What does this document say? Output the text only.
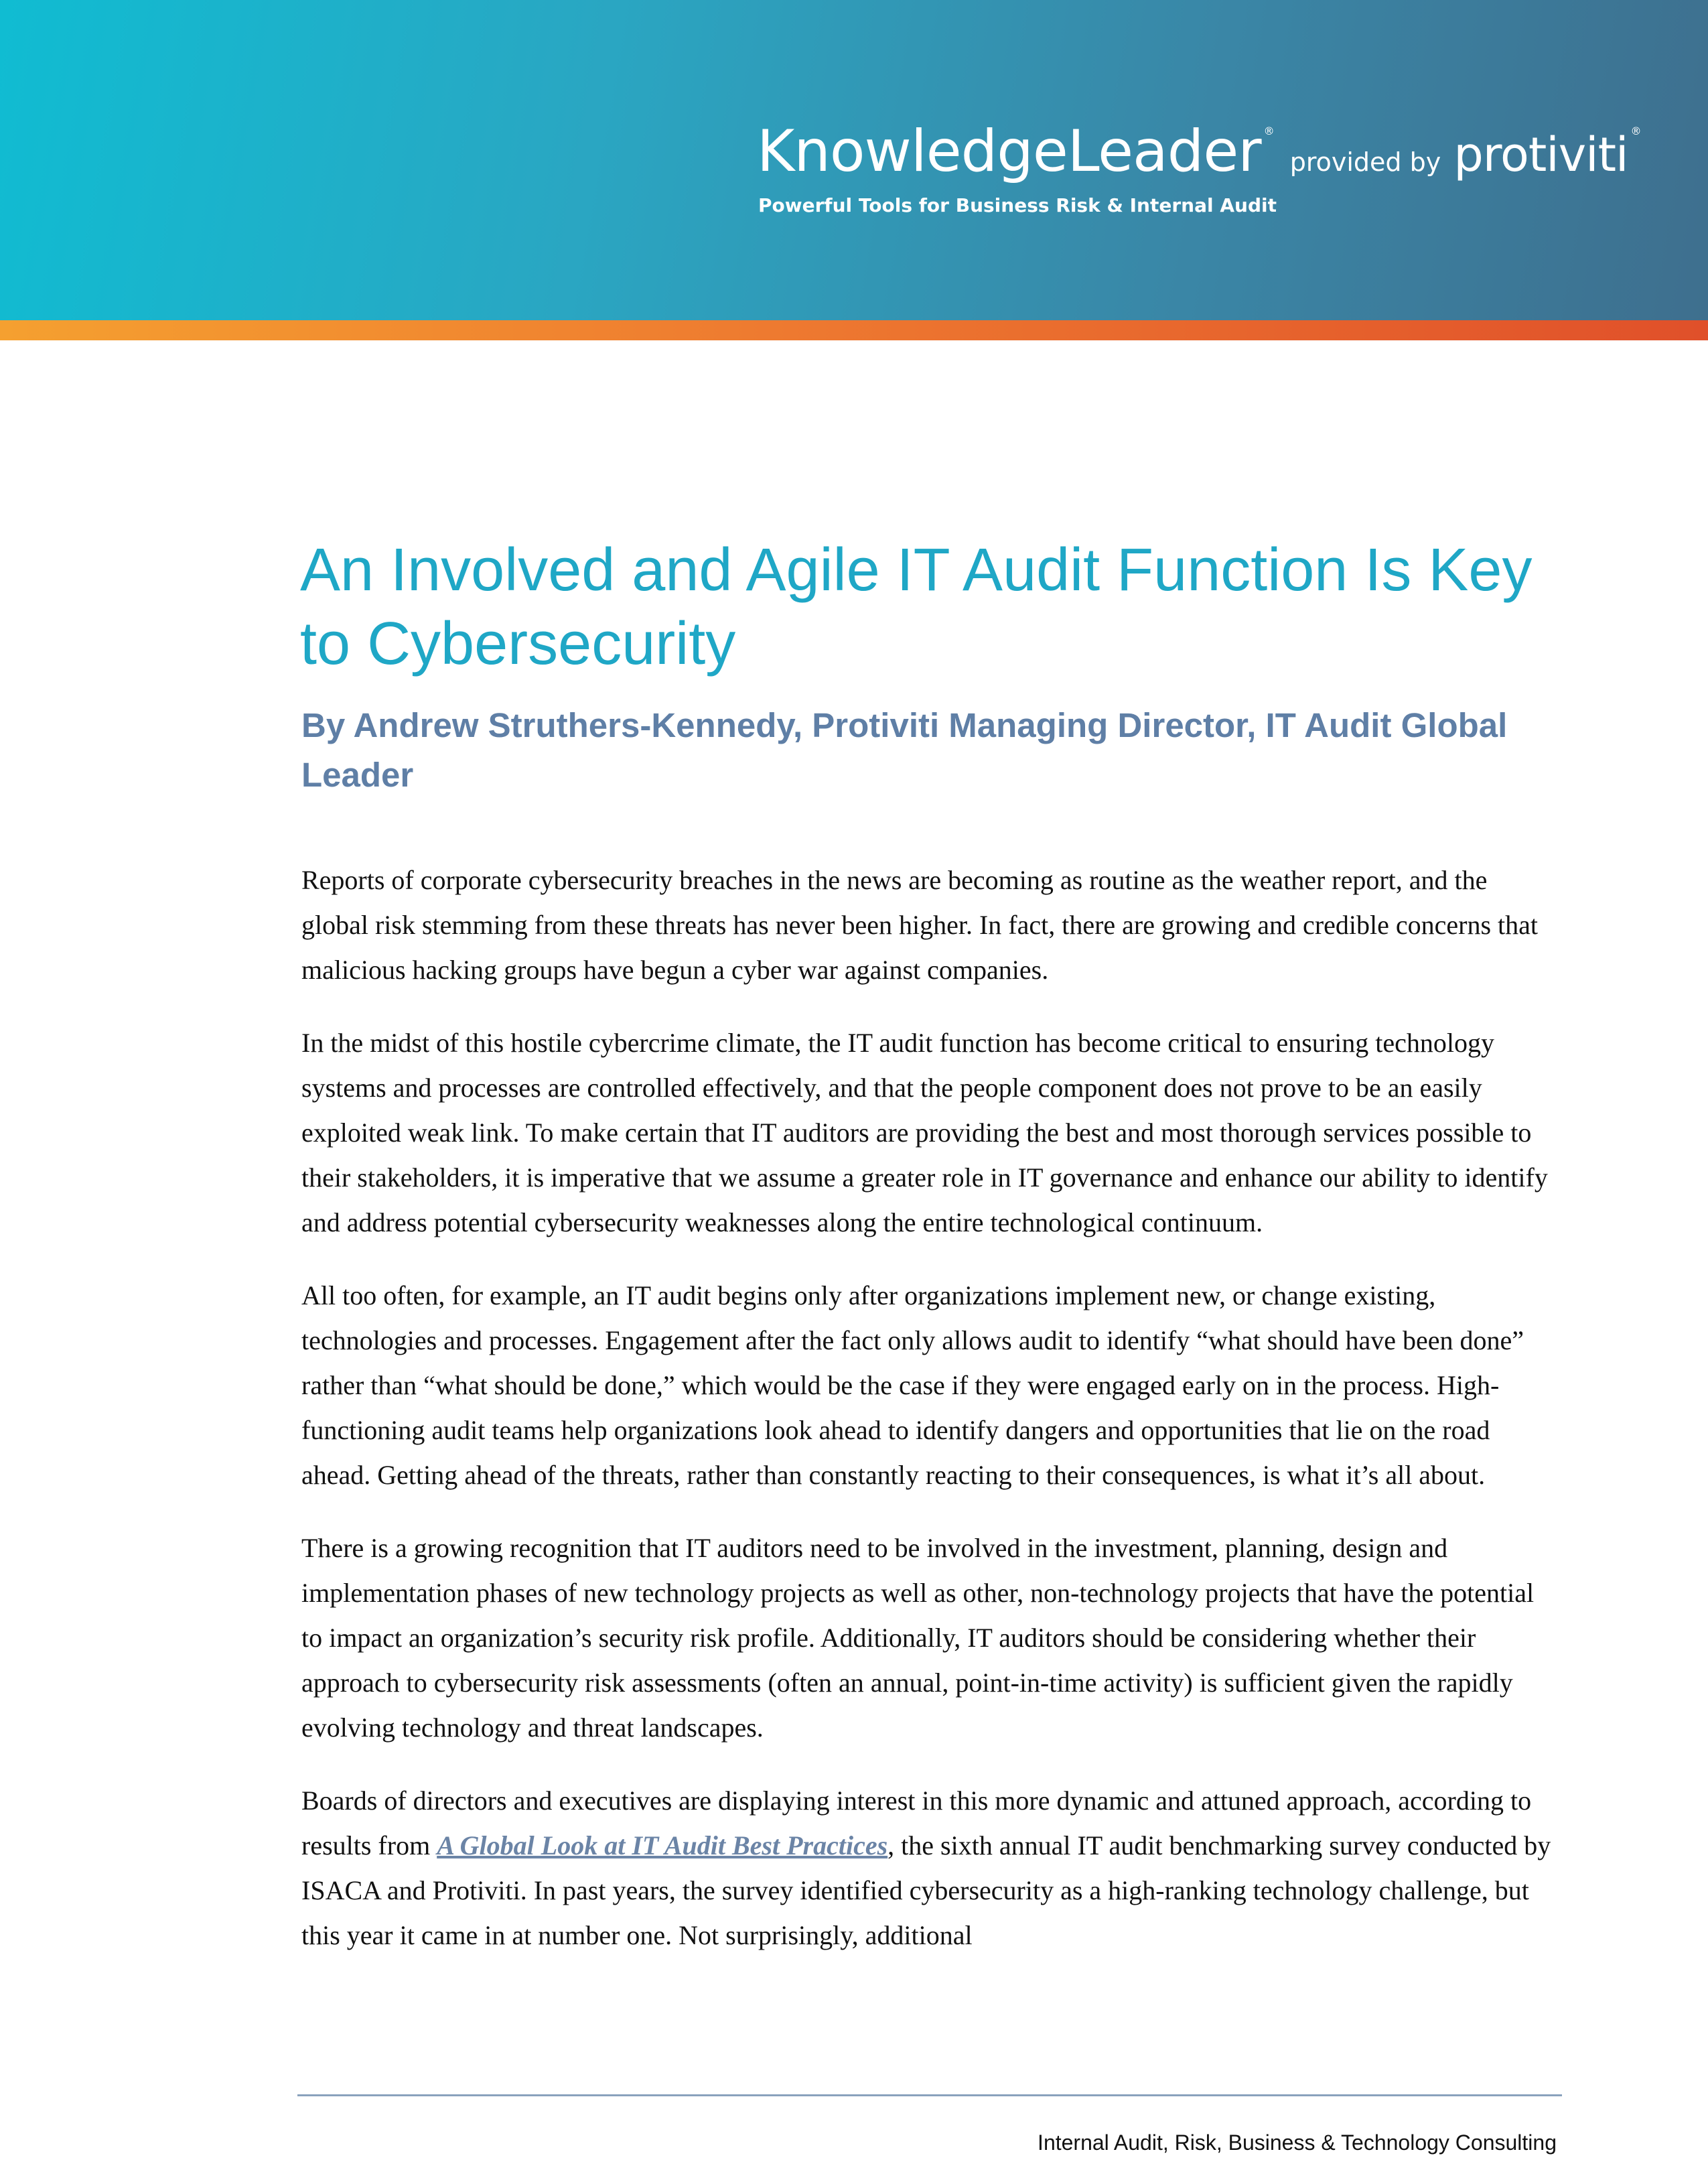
KnowledgeLeader ® provided by protiviti ®
Powerful Tools for Business Risk & Internal Audit
An Involved and Agile IT Audit Function Is Key to Cybersecurity
By Andrew Struthers-Kennedy, Protiviti Managing Director, IT Audit Global Leader

Reports of corporate cybersecurity breaches in the news are becoming as routine as the weather report, and the global risk stemming from these threats has never been higher. In fact, there are growing and credible concerns that malicious hacking groups have begun a cyber war against companies.

In the midst of this hostile cybercrime climate, the IT audit function has become critical to ensuring technology systems and processes are controlled effectively, and that the people component does not prove to be an easily exploited weak link. To make certain that IT auditors are providing the best and most thorough services possible to their stakeholders, it is imperative that we assume a greater role in IT governance and enhance our ability to identify and address potential cybersecurity weaknesses along the entire technological continuum.

All too often, for example, an IT audit begins only after organizations implement new, or change existing, technologies and processes. Engagement after the fact only allows audit to identify “what should have been done” rather than “what should be done,” which would be the case if they were engaged early on in the process. High-functioning audit teams help organizations look ahead to identify dangers and opportunities that lie on the road ahead. Getting ahead of the threats, rather than constantly reacting to their consequences, is what it’s all about.

There is a growing recognition that IT auditors need to be involved in the investment, planning, design and implementation phases of new technology projects as well as other, non-technology projects that have the potential to impact an organization’s security risk profile. Additionally, IT auditors should be considering whether their approach to cybersecurity risk assessments (often an annual, point-in-time activity) is sufficient given the rapidly evolving technology and threat landscapes.

Boards of directors and executives are displaying interest in this more dynamic and attuned approach, according to results from A Global Look at IT Audit Best Practices, the sixth annual IT audit benchmarking survey conducted by ISACA and Protiviti. In past years, the survey identified cybersecurity as a high-ranking technology challenge, but this year it came in at number one. Not surprisingly, additional

Internal Audit, Risk, Business & Technology Consulting
